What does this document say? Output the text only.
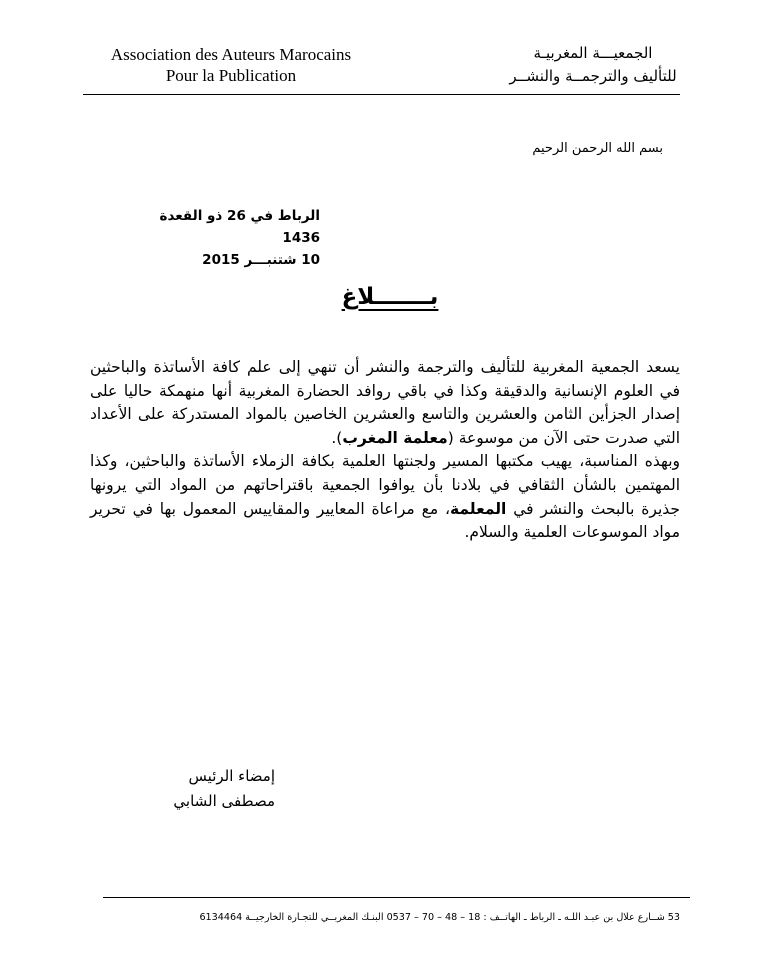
Association des Auteurs Marocains
Pour la Publication
الجمعيـــة المغربيـة
للتأليف والترجمــة والنشــر
بسم الله الرحمن الرحيم
الرباط في 26 ذو القعدة 1436
10 شتنبـــر 2015
بـــــــلاغ

يسعد الجمعية المغربية للتأليف والترجمة والنشر أن تنهي إلى علم كافة الأساتذة والباحثين في العلوم الإنسانية والدقيقة وكذا في باقي روافد الحضارة المغربية أنها منهمكة حاليا على إصدار الجزأين الثامن والعشرين والتاسع والعشرين الخاصين بالمواد المستدركة على الأعداد التي صدرت حتى الآن من موسوعة (معلمة المغرب).

وبهذه المناسبة، يهيب مكتبها المسير ولجنتها العلمية بكافة الزملاء الأساتذة والباحثين، وكذا المهتمين بالشأن الثقافي في بلادنا بأن يوافوا الجمعية باقتراحاتهم من المواد التي يرونها جذيرة بالبحث والنشر في المعلمة، مع مراعاة المعايير والمقاييس المعمول بها في تحرير مواد الموسوعات العلمية والسلام.

إمضاء الرئيس
مصطفى الشابي
53 شــارع علال بن عبـد اللـه ـ الرباط ـ الهاتــف : 18 – 48 – 70 – 0537 البنـك المغربــي للتجـارة الخارجيــة 6134464
